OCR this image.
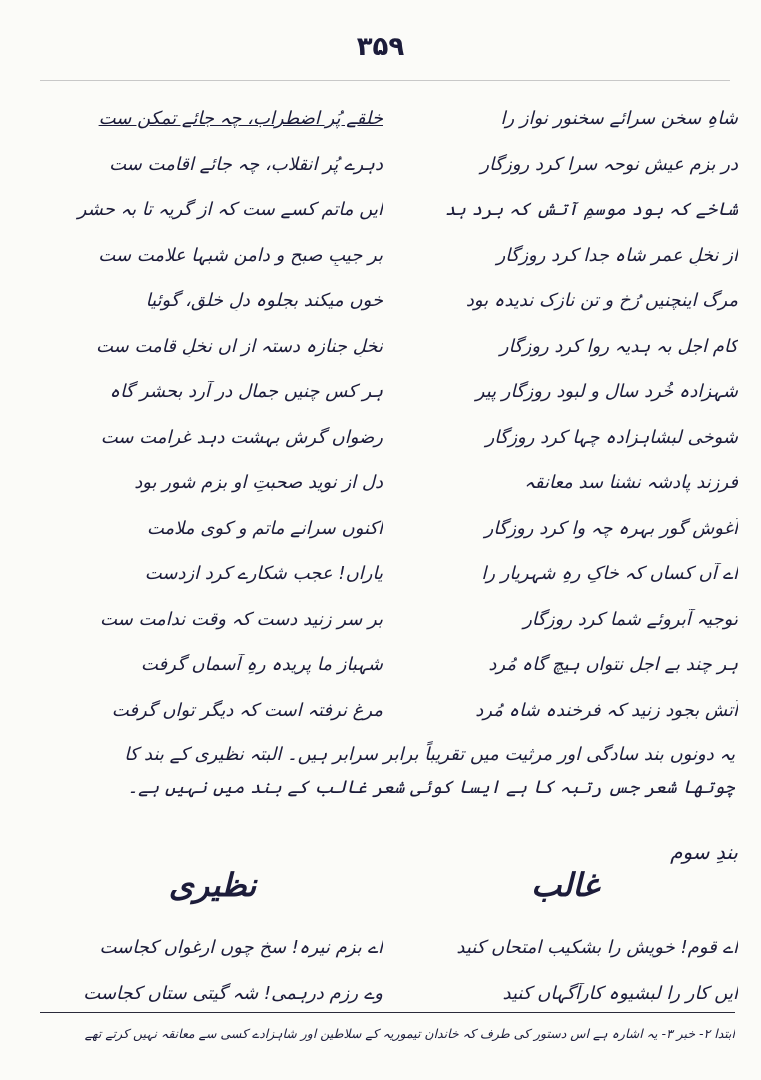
۳۵۹
شاہِ سخن سرائے سخنور نواز را
خلقے پُر اضطراب، چہ جائے تمکن ست
در بزمِ عیش نوحہ سرا کرد روزگار
دہرے پُر انقلاب، چہ جائے اقامت ست
شاخے کہ بود موسمِ آتش کہ برد ہد
ایں ماتم کسے ست کہ از گریہ تا بہ حشر
از نخلِ عمرِ شاہ جدا کرد روزگار
بر جیبِ صبح و دامنِ شبہا علامت ست
مرگ اینچنیں رُخ و تنِ نازک ندیدہ بود
خوں میکند بجلوہ دلِ خلق، گوئیا
کامِ اجل بہ ہدیہ روا کرد روزگار
نخلِ جنازہ دستہ از اں نخلِ قامت ست
شہزادہ خُرد سال و لبود روزگار پیر
ہر کس چنیں جمال در آرد بحشر گاہ
شوخی لبشاہزادہ چہا کرد روزگار
رضواں گرش بہشت دہد غرامت ست
فرزند پادشہ نشنا سد معانقہ
دل از نوید صحبتِ او بزمِ شور بود
آغوشِ گور بہرہ چہ وا کرد روزگار
اکنوں سرانے ماتم و کوی ملامت
اے آں کساں کہ خاکِ رہِ شہریار را
یاراں! عجب شکارے کرد ازدست
توجیہ آبروئے شما کرد روزگار
بر سر زنید دست کہ وقت ندامت ست
ہر چند بے اجل نتواں ہیچ گاہ مُرد
شہباز ما پریدہ رہِ آسماں گرفت
آتش بجود زنید کہ فرخندہ شاہ مُرد
مرغِ نرفتہ است کہ دیگر تواں گرفت
یہ دونوں بند سادگی اور مرثیت میں تقریباً برابر سرابر ہیں۔ البتہ نظیری کے بند کا
چوتھا شعر جس رتبہ کا ہے ایسا کوئی شعر غالب کے بند میں نہیں ہے۔
بندِ سوم
غالب
نظیری
اے قوم! خویش را بشکیب امتحاں کنید
اے بزم نیرہ! سخ چوں ارغواں کجاست
ایں کار را لبشیوہ کارآگہاں کنید
وے رزم درہمی! شہ گیتی ستاں کجاست
ابتدا ۲- خبر ۳- یہ اشارہ ہے اس دستور کی طرف کہ خاندانِ تیموریہ کے سلاطین اور شاہزادے کسی سے معانقہ نہیں کرتے تھے
